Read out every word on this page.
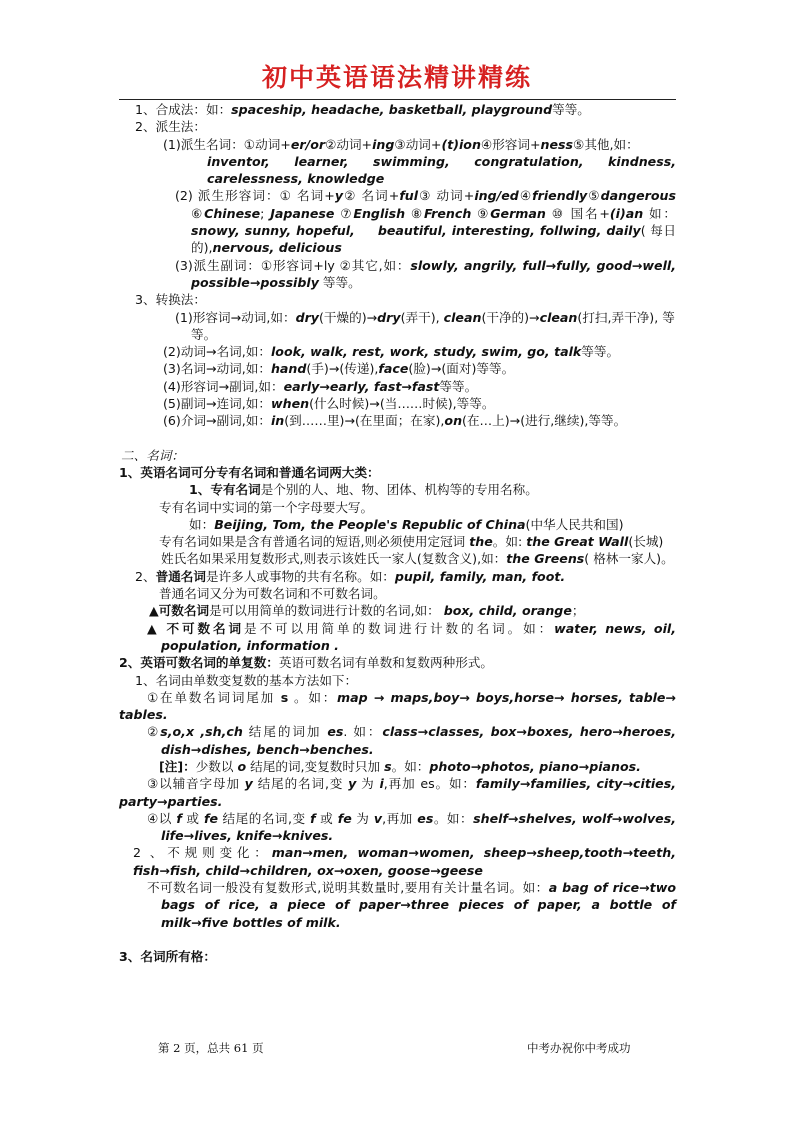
初中英语语法精讲精练

1、合成法：如：spaceship, headache, basketball, playground等等。

2、派生法：

(1)派生名词：①动词+er/or②动词+ing③动词+(t)ion④形容词+ness⑤其他,如：

inventor, learner, swimming, congratulation, kindness, carelessness, knowledge

(2) 派生形容词：① 名词+y② 名词+ful③ 动词+ing/ed④friendly⑤dangerous ⑥Chinese; Japanese ⑦English ⑧French ⑨German ⑩ 国名+(i)an 如： snowy, sunny, hopeful, beautiful, interesting, follwing, daily( 每日的),nervous, delicious

(3)派生副词：①形容词+ly ②其它,如：slowly, angrily, full→fully, good→well, possible→possibly 等等。

3、转换法：

(1)形容词→动词,如：dry(干燥的)→dry(弄干), clean(干净的)→clean(打扫,弄干净), 等等。

(2)动词→名词,如：look, walk, rest, work, study, swim, go, talk等等。

(3)名词→动词,如：hand(手)→(传递),face(脸)→(面对)等等。

(4)形容词→副词,如：early→early, fast→fast等等。

(5)副词→连词,如：when(什么时候)→(当……时候),等等。

(6)介词→副词,如：in(到……里)→(在里面；在家),on(在…上)→(进行,继续),等等。

二、名词：

1、英语名词可分专有名词和普通名词两大类：

1、专有名词是个别的人、地、物、团体、机构等的专用名称。

专有名词中实词的第一个字母要大写。

如：Beijing, Tom, the People's Republic of China(中华人民共和国)

专有名词如果是含有普通名词的短语,则必须使用定冠词 the。如: the Great Wall(长城)

姓氏名如果采用复数形式,则表示该姓氏一家人(复数含义),如：the Greens( 格林一家人)。

2、普通名词是许多人或事物的共有名称。如：pupil, family, man, foot.

普通名词又分为可数名词和不可数名词。

▲可数名词是可以用简单的数词进行计数的名词,如： box, child, orange；

▲ 不可数名词是不可以用简单的数词进行计数的名词。如：water, news, oil, population, information .

2、英语可数名词的单复数：英语可数名词有单数和复数两种形式。

1、名词由单数变复数的基本方法如下：

①在单数名词词尾加 s 。如：map → maps,boy→ boys,horse→ horses, table→ tables.

②s,o,x ,sh,ch 结尾的词加 es. 如：class→classes, box→boxes, hero→heroes, dish→dishes, bench→benches.

[注]：少数以 o 结尾的词,变复数时只加 s。如：photo→photos, piano→pianos.

③以辅音字母加 y 结尾的名词,变 y 为 i,再加 es。如：family→families, city→cities, party→parties.

④以 f 或 fe 结尾的名词,变 f 或 fe 为 v,再加 es。如：shelf→shelves, wolf→wolves, life→lives, knife→knives.

2 、不规则变化：man→men, woman→women, sheep→sheep,tooth→teeth, fish→fish, child→children, ox→oxen, goose→geese

不可数名词一般没有复数形式,说明其数量时,要用有关计量名词。如：a bag of rice→two bags of rice, a piece of paper→three pieces of paper, a bottle of milk→five bottles of milk.

3、名词所有格：

第 2 页，总共 61 页	中考办祝你中考成功
